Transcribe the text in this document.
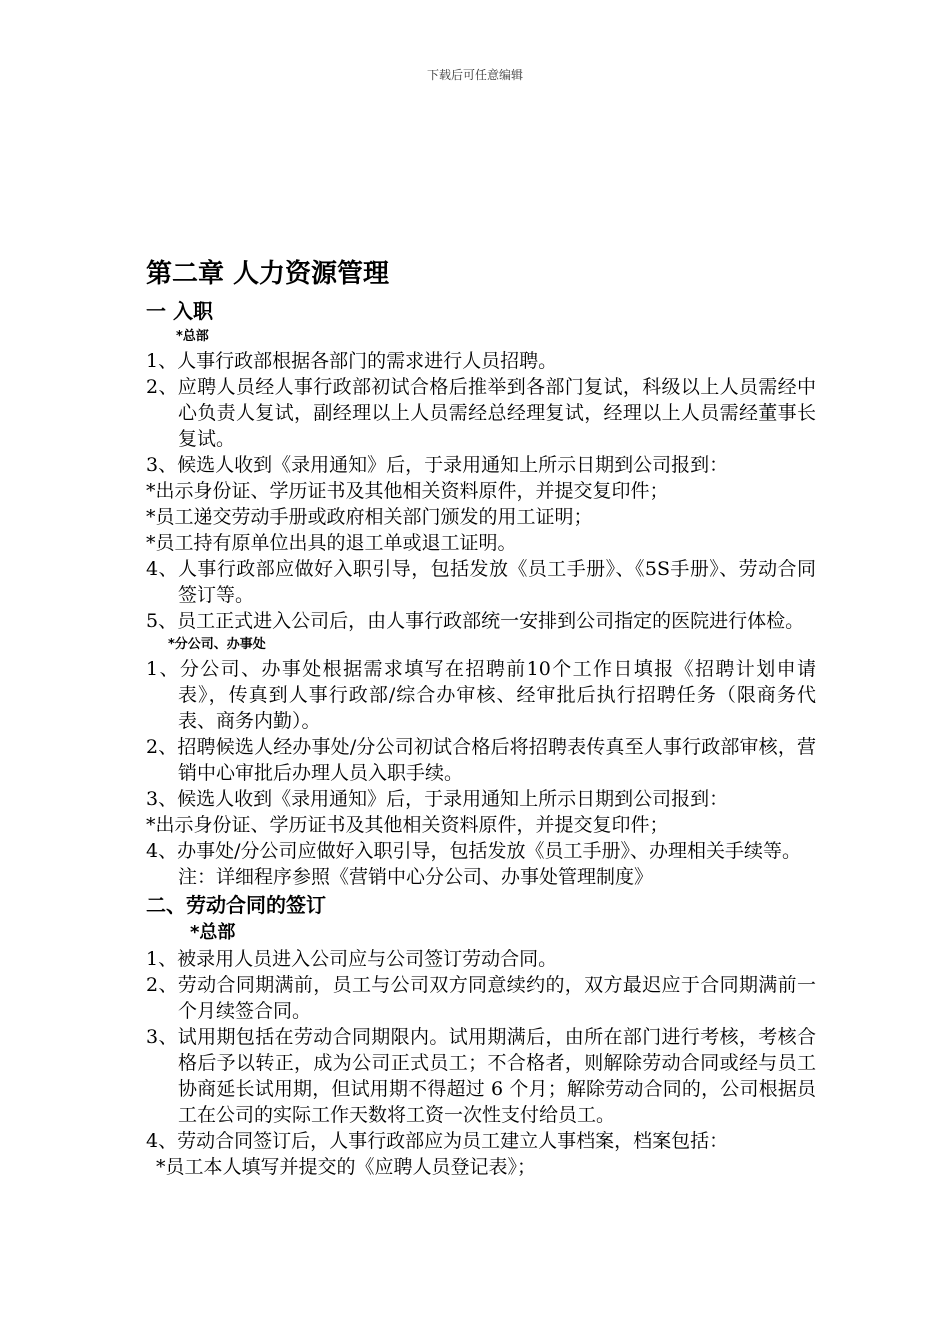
下载后可任意编辑
第二章 人力资源管理
一 入职
*总部
1、人事行政部根据各部门的需求进行人员招聘。
2、应聘人员经人事行政部初试合格后推举到各部门复试，科级以上人员需经中心负责人复试，副经理以上人员需经总经理复试，经理以上人员需经董事长复试。
3、候选人收到《录用通知》后，于录用通知上所示日期到公司报到：
*出示身份证、学历证书及其他相关资料原件，并提交复印件；
*员工递交劳动手册或政府相关部门颁发的用工证明；
*员工持有原单位出具的退工单或退工证明。
4、人事行政部应做好入职引导，包括发放《员工手册》、《5S手册》、劳动合同签订等。
5、员工正式进入公司后，由人事行政部统一安排到公司指定的医院进行体检。
*分公司、办事处
1、分公司、办事处根据需求填写在招聘前10个工作日填报《招聘计划申请表》，传真到人事行政部/综合办审核、经审批后执行招聘任务（限商务代表、商务内勤）。
2、招聘候选人经办事处/分公司初试合格后将招聘表传真至人事行政部审核，营销中心审批后办理人员入职手续。
3、候选人收到《录用通知》后，于录用通知上所示日期到公司报到：
*出示身份证、学历证书及其他相关资料原件，并提交复印件；
4、办事处/分公司应做好入职引导，包括发放《员工手册》、办理相关手续等。
注：详细程序参照《营销中心分公司、办事处管理制度》
二、劳动合同的签订
*总部
1、被录用人员进入公司应与公司签订劳动合同。
2、劳动合同期满前，员工与公司双方同意续约的，双方最迟应于合同期满前一个月续签合同。
3、试用期包括在劳动合同期限内。试用期满后，由所在部门进行考核，考核合格后予以转正，成为公司正式员工；不合格者，则解除劳动合同或经与员工协商延长试用期，但试用期不得超过 6 个月；解除劳动合同的，公司根据员工在公司的实际工作天数将工资一次性支付给员工。
4、劳动合同签订后，人事行政部应为员工建立人事档案，档案包括：
*员工本人填写并提交的《应聘人员登记表》；
